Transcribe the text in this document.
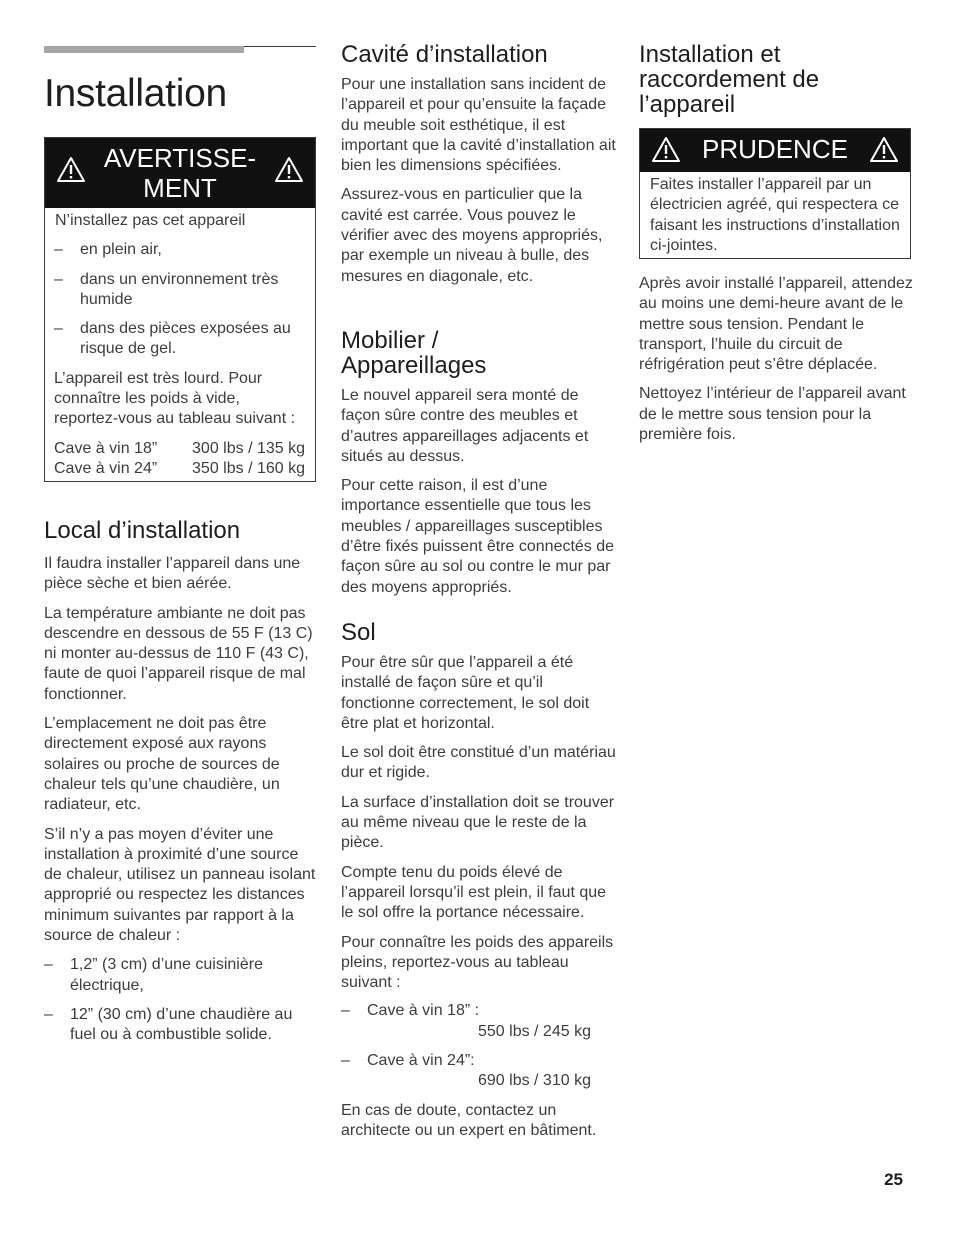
Installation
AVERTISSE-
MENT

N’installez pas cet appareil

– en plein air,
– dans un environnement très humide
– dans des pièces exposées au risque de gel.

L’appareil est très lourd. Pour connaître les poids à vide, reportez-vous au tableau suivant :

Cave à vin 18” 300 lbs / 135 kg
Cave à vin 24” 350 lbs / 160 kg
Local d’installation

Il faudra installer l’appareil dans une pièce sèche et bien aérée.

La température ambiante ne doit pas descendre en dessous de 55 F (13 C) ni monter au-dessus de 110 F (43 C), faute de quoi l’appareil risque de mal fonctionner.

L’emplacement ne doit pas être directement exposé aux rayons solaires ou proche de sources de chaleur tels qu’une chaudière, un radiateur, etc.

S’il n’y a pas moyen d’éviter une installation à proximité d’une source de chaleur, utilisez un panneau isolant approprié ou respectez les distances minimum suivantes par rapport à la source de chaleur :

– 1,2” (3 cm) d’une cuisinière électrique,
– 12” (30 cm) d’une chaudière au fuel ou à combustible solide.
Cavité d’installation

Pour une installation sans incident de l’appareil et pour qu’ensuite la façade du meuble soit esthétique, il est important que la cavité d’installation ait bien les dimensions spécifiées.

Assurez-vous en particulier que la cavité est carrée. Vous pouvez le vérifier avec des moyens appropriés, par exemple un niveau à bulle, des mesures en diagonale, etc.

Mobilier /
Appareillages

Le nouvel appareil sera monté de façon sûre contre des meubles et d’autres appareillages adjacents et situés au dessus.

Pour cette raison, il est d’une importance essentielle que tous les meubles / appareillages susceptibles d’être fixés puissent être connectés de façon sûre au sol ou contre le mur par des moyens appropriés.

Sol

Pour être sûr que l’appareil a été installé de façon sûre et qu’il fonctionne correctement, le sol doit être plat et horizontal.

Le sol doit être constitué d’un matériau dur et rigide.

La surface d’installation doit se trouver au même niveau que le reste de la pièce.

Compte tenu du poids élevé de l’appareil lorsqu’il est plein, il faut que le sol offre la portance nécessaire.

Pour connaître les poids des appareils pleins, reportez-vous au tableau suivant :

– Cave à vin 18” :
550 lbs / 245 kg
– Cave à vin 24”:
690 lbs / 310 kg

En cas de doute, contactez un architecte ou un expert en bâtiment.

Installation et
raccordement de
l’appareil
PRUDENCE

Faites installer l’appareil par un électricien agréé, qui respectera ce faisant les instructions d’installation ci-jointes.

Après avoir installé l’appareil, attendez au moins une demi-heure avant de le mettre sous tension. Pendant le transport, l’huile du circuit de réfrigération peut s’être déplacée.

Nettoyez l’intérieur de l’appareil avant de le mettre sous tension pour la première fois.

25
